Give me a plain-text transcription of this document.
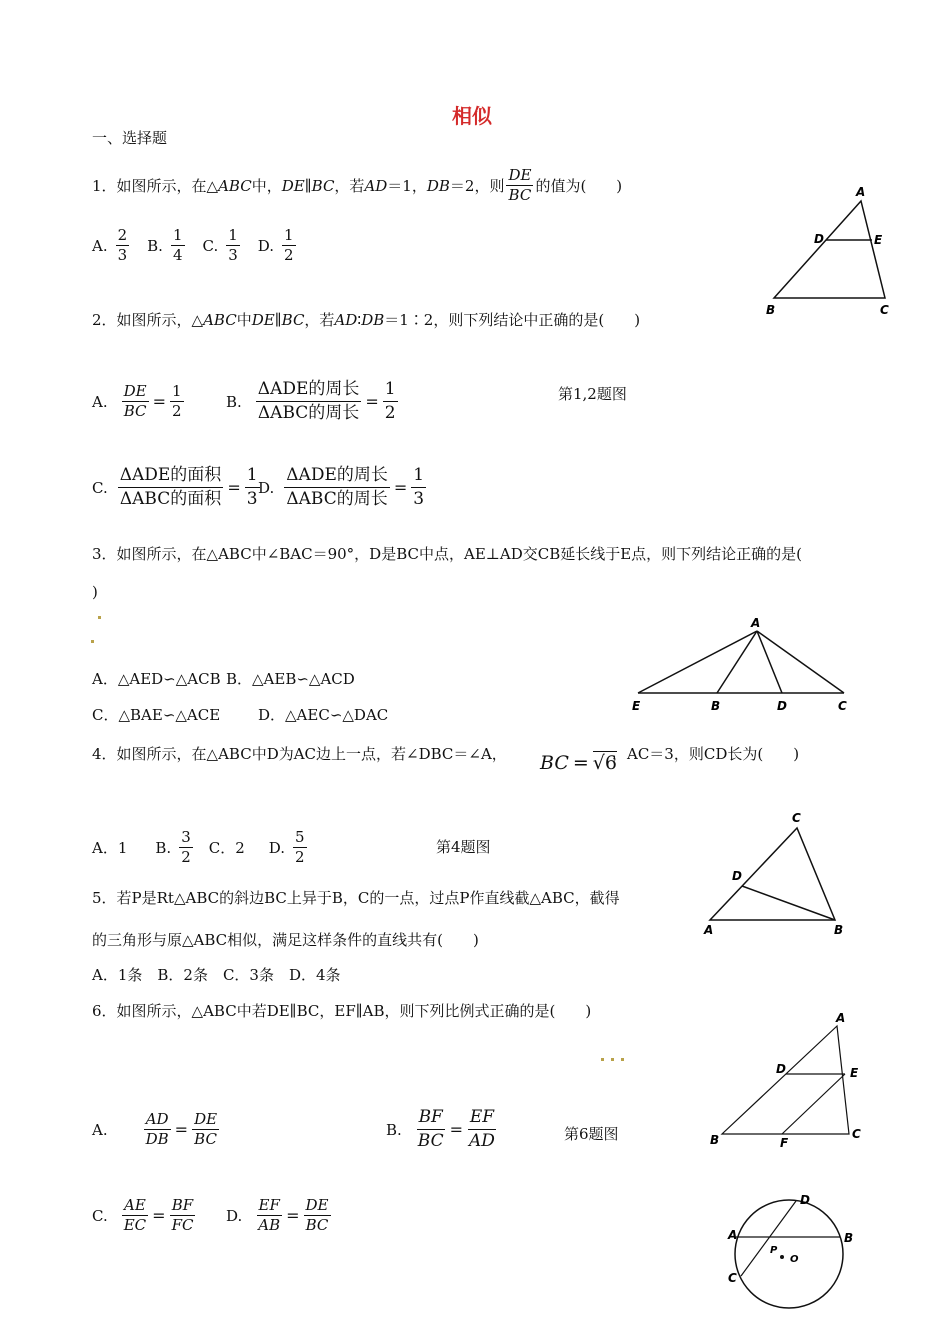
相似
一、选择题
1．如图所示，在△ ABC 中， DE∥BC ，若 AD ＝1， DB ＝2，则 $\frac{DE}{BC}$ 的值为(　　)
A. $\frac{2}{3} B$. $\frac{1}{4} C$. $\frac{1}{3} D$. $\frac{1}{2}$
A
D	E
B	C
2．如图所示，△ABC中DE∥BC，若AD∶DB＝1∶2，则下列结论中正确的是(　　)
A. $\frac{DE}{BC} = \frac{1}{2}$	B. $\frac{\text{ΔADE的周长}}{\text{ΔABC的周长}} = \frac{1}{2}$	第1,2题图
C. $\frac{\text{ΔADE的面积}}{\text{ΔABC的面积}} = \frac{1}{3}$
D. $\frac{\text{ΔADE的周长}}{\text{ΔABC的周长}} = \frac{1}{3}$
3．如图所示，在△ABC中∠BAC＝90°，D是BC中点，AE⊥AD交CB延长线于E点，则下列结论正确的是(
)
A．△AED∽△ACB B．△AEB∽△ACD
C．△BAE∽△ACE	D．△AEC∽△DAC
A
E	B	D	C
4．如图所示，在△ABC中D为AC边上一点，若∠DBC＝∠A， BC = √6
，AC＝3，则CD长为(　　)
A．1 B. $\frac{3}{2}$ C．2 D. $\frac{5}{2}$	第4题图
C
D
A	B
5．若P是Rt△ABC的斜边BC上异于B，C的一点，过点P作直线截△ABC，截得
的三角形与原△ABC相似，满足这样条件的直线共有(　　)
A．1条　B．2条　C．3条　D．4条
6．如图所示，△ABC中若DE∥BC，EF∥AB，则下列比例式正确的是(　　)
A. $\frac{AD}{DB} = \frac{DE}{BC}$	B. $\frac{BF}{BC} = \frac{EF}{AD}$	第6题图
C. $\frac{AE}{EC} = \frac{BF}{FC} D$. $\frac{EF}{AB} = \frac{DE}{BC}$
A
D	E
B	F
C
D
A	B
P
O
C
